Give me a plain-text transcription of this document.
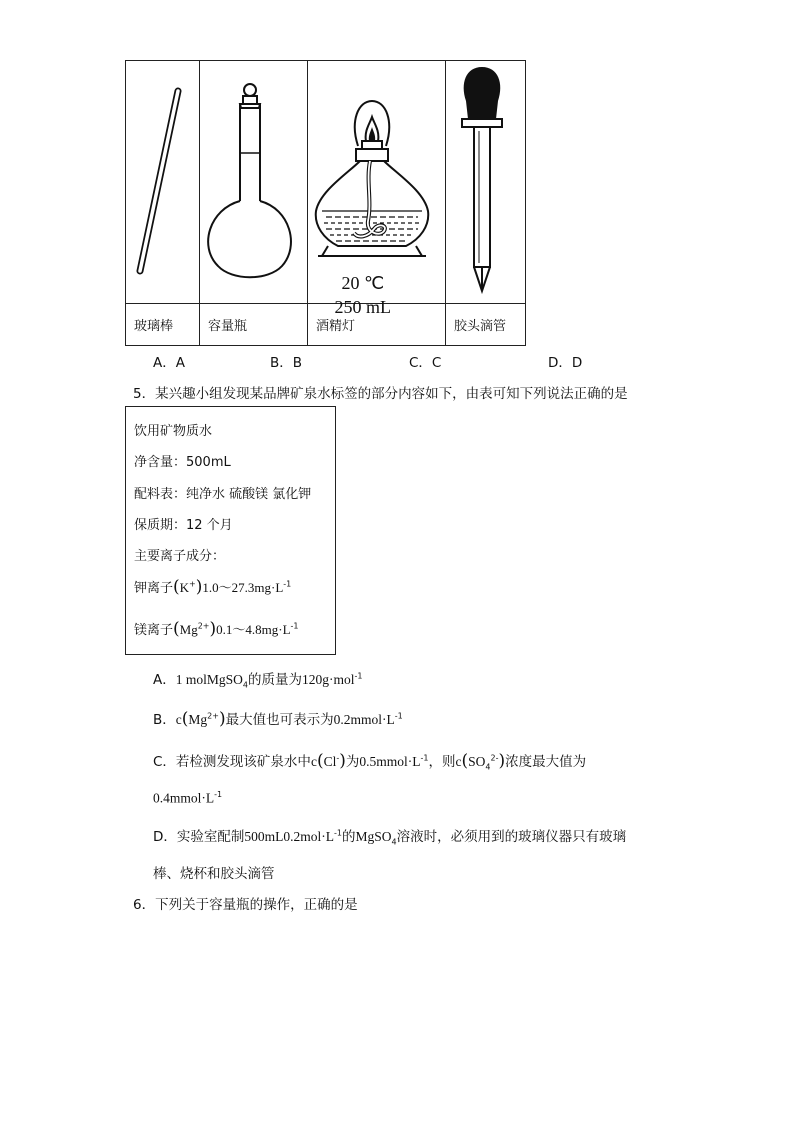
20 ℃
250 mL

玻璃棒	容量瓶	酒精灯	胶头滴管
A．A	B．B	C．C	D．D
5．某兴趣小组发现某品牌矿泉水标签的部分内容如下，由表可知下列说法正确的是
饮用矿物质水
净含量：500mL
配料表：纯净水 硫酸镁 氯化钾
保质期：12 个月
主要离子成分：
钾离子$(K^+)1.0\sim 27.3mg\cdot L^{-1}$
镁离子$(Mg^{2+})0.1\sim 4.8mg\cdot L^{-1}$
A．1 molMgSO$_4$的质量为120g·mol$^{-1}$
B．$c(Mg^{2+})$最大值也可表示为$0.2mmol\cdot L^{-1}$
C．若检测发现该矿泉水中c(Cl-)为$0.5mmol\cdot L^{-1}$，则$c(SO_4^{2-})$浓度最大值为
$0.4mmol\cdot L^{-1}$
D．实验室配制$500mL0.2mol\cdot L^{-1}$的MgSO$_4$溶液时，必须用到的玻璃仪器只有玻璃
棒、烧杯和胶头滴管
6．下列关于容量瓶的操作，正确的是
